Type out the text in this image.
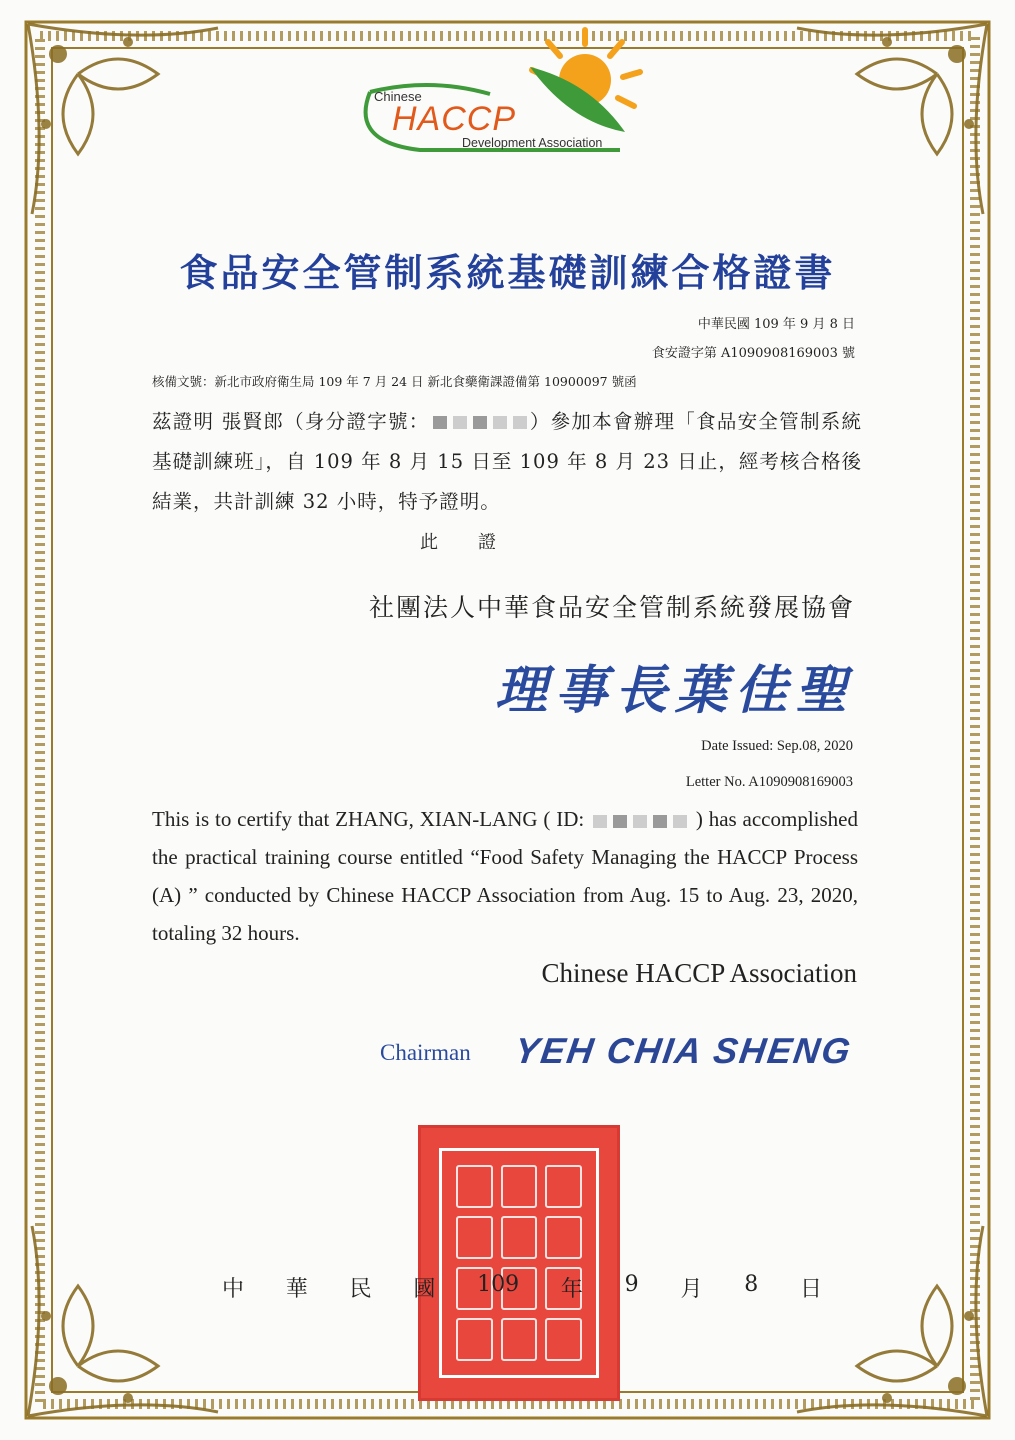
Chinese
HACCP
Development Association
食品安全管制系統基礎訓練合格證書
中華民國 109 年 9 月 8 日
食安證字第 A1090908169003 號
核備文號：新北市政府衛生局 109 年 7 月 24 日 新北食藥衛課證備第 10900097 號函
茲證明 張賢郎（身分證字號：	）參加本會辦理「食品安全管制系統基礎訓練班」，自 109 年 8 月 15 日至 109 年 8 月 23 日止，經考核合格後結業，共計訓練 32 小時，特予證明。
此證
社團法人中華食品安全管制系統發展協會
理事長葉佳聖
Date Issued: Sep.08, 2020
Letter No. A1090908169003
This is to certify that ZHANG, XIAN-LANG ( ID:	) has accomplished the practical training course entitled “Food Safety Managing the HACCP Process (A) ” conducted by Chinese HACCP Association from Aug. 15 to Aug. 23, 2020, totaling 32 hours.
Chinese HACCP Association
Chairman YEH CHIA SHENG
中 華 民 國 109 年 9 月 8 日
